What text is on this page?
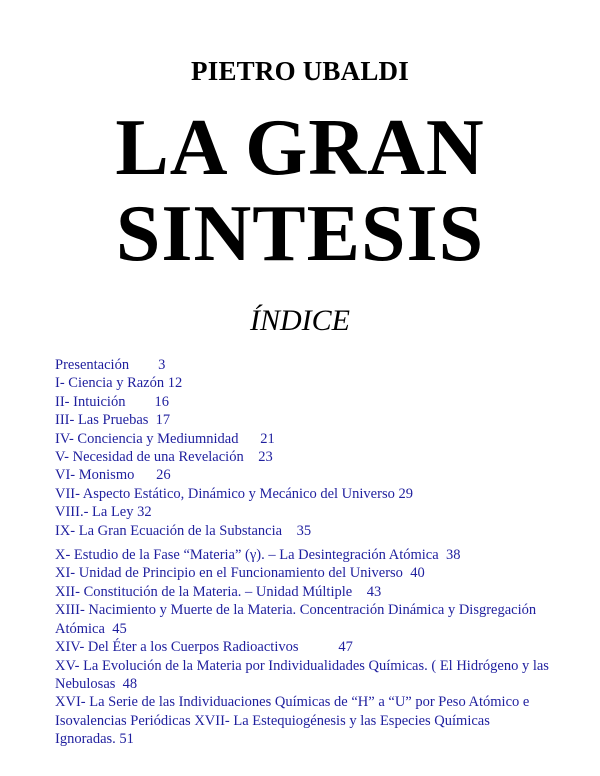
PIETRO UBALDI
LA GRAN
SINTESIS
ÍNDICE
Presentación 3
I- Ciencia y Razón 12
II- Intuición 16
III- Las Pruebas 17
IV- Conciencia y Mediumnidad 21
V- Necesidad de una Revelación 23
VI- Monismo 26
VII- Aspecto Estático, Dinámico y Mecánico del Universo 29
VIII.- La Ley 32
IX- La Gran Ecuación de la Substancia 35
X- Estudio de la Fase “Materia” (γ). – La Desintegración Atómica 38
XI- Unidad de Principio en el Funcionamiento del Universo 40
XII- Constitución de la Materia. – Unidad Múltiple 43
XIII- Nacimiento y Muerte de la Materia. Concentración Dinámica y Disgregación Atómica 45
XIV- Del Éter a los Cuerpos Radioactivos	47
XV- La Evolución de la Materia por Individualidades Químicas. ( El Hidrógeno y las Nebulosas 48
XVI- La Serie de las Individuaciones Químicas de “H” a “U” por Peso Atómico e Isovalencias Periódicas XVII- La Estequiogénesis y las Especies Químicas Ignoradas. 51
